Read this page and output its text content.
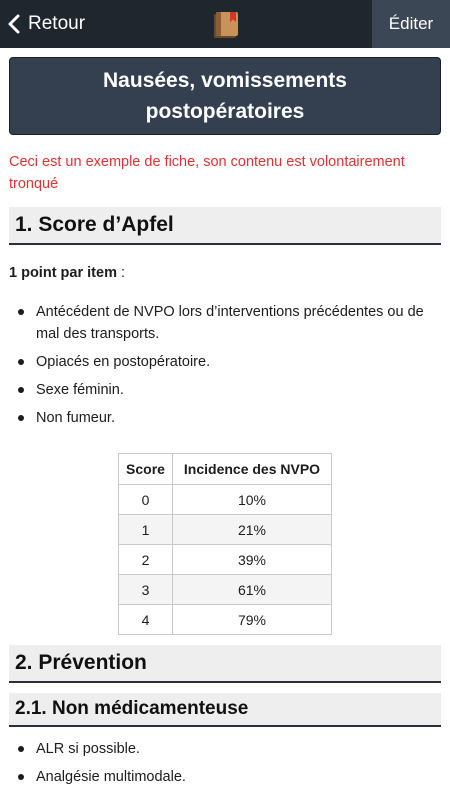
Retour	Éditer
Nausées, vomissements postopératoires
Ceci est un exemple de fiche, son contenu est volontairement tronqué
1. Score d’Apfel
1 point par item :
Antécédent de NVPO lors d’interventions précédentes ou de mal des transports.
Opiacés en postopératoire.
Sexe féminin.
Non fumeur.
Score	Incidence des NVPO
0	10%
1	21%
2	39%
3	61%
4	79%
2. Prévention
2.1. Non médicamenteuse
ALR si possible.
Analgésie multimodale.
